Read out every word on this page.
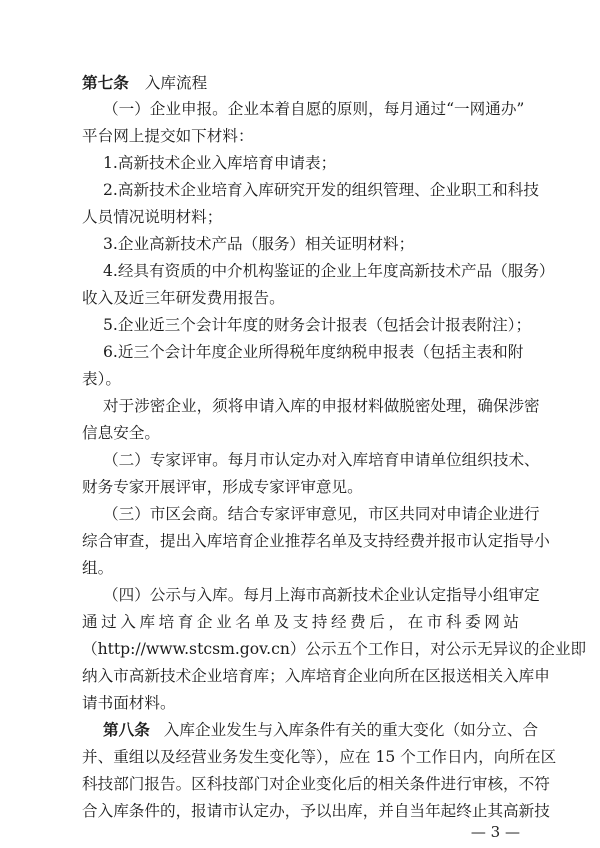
第七条 入库流程
（一）企业申报。企业本着自愿的原则，每月通过“一网通办”
平台网上提交如下材料：
1.高新技术企业入库培育申请表；
2.高新技术企业培育入库研究开发的组织管理、企业职工和科技
人员情况说明材料；
3.企业高新技术产品（服务）相关证明材料；
4.经具有资质的中介机构鉴证的企业上年度高新技术产品（服务）
收入及近三年研发费用报告。
5.企业近三个会计年度的财务会计报表（包括会计报表附注）；
6.近三个会计年度企业所得税年度纳税申报表（包括主表和附
表）。
对于涉密企业，须将申请入库的申报材料做脱密处理，确保涉密
信息安全。
（二）专家评审。每月市认定办对入库培育申请单位组织技术、
财务专家开展评审，形成专家评审意见。
（三）市区会商。结合专家评审意见，市区共同对申请企业进行
综合审查，提出入库培育企业推荐名单及支持经费并报市认定指导小
组。
（四）公示与入库。每月上海市高新技术企业认定指导小组审定
通过入库培育企业名单及支持经费后，在市科委网站
（http://www.stcsm.gov.cn）公示五个工作日，对公示无异议的企业即
纳入市高新技术企业培育库；入库培育企业向所在区报送相关入库申
请书面材料。
第八条 入库企业发生与入库条件有关的重大变化（如分立、合
并、重组以及经营业务发生变化等），应在 15 个工作日内，向所在区
科技部门报告。区科技部门对企业变化后的相关条件进行审核，不符
合入库条件的，报请市认定办，予以出库，并自当年起终止其高新技
— 3 —
